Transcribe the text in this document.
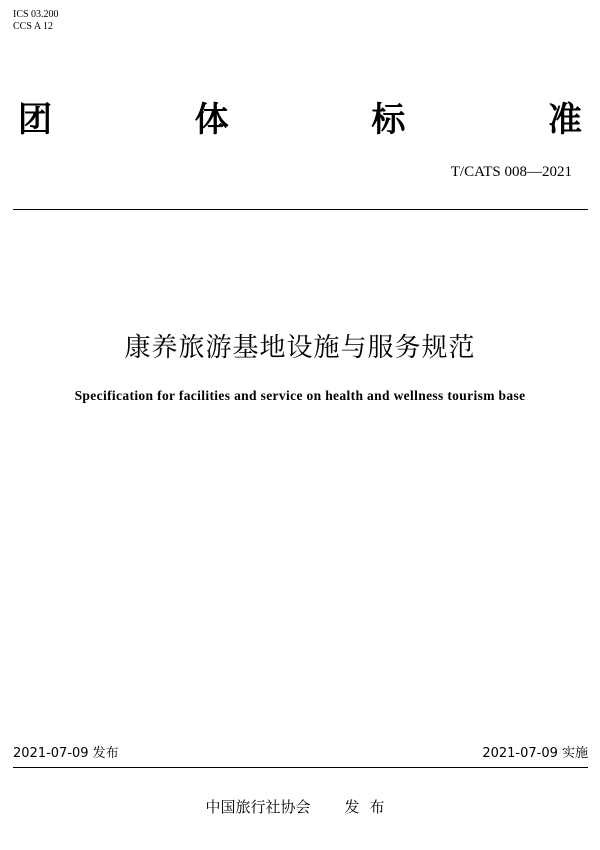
ICS 03.200
CCS A 12
团	体	标	准
T/CATS 008—2021
康养旅游基地设施与服务规范
Specification for facilities and service on health and wellness tourism base
2021-07-09 发布	2021-07-09 实施
中国旅行社协会 发布
